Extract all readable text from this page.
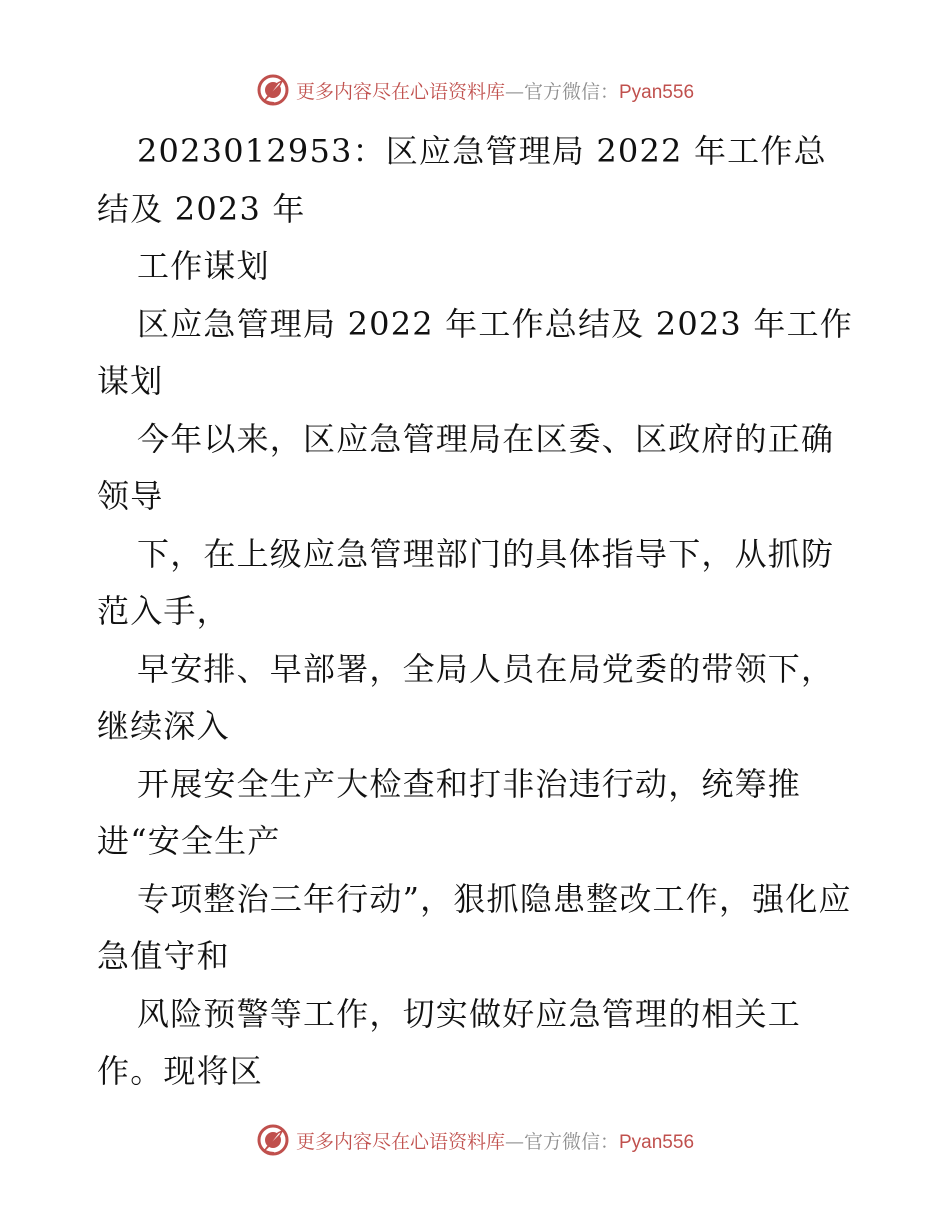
更多内容尽在心语资料库—官方微信：Pyan556

2023012953：区应急管理局 2022 年工作总结及 2023 年

工作谋划

区应急管理局 2022 年工作总结及 2023 年工作谋划

今年以来，区应急管理局在区委、区政府的正确领导

下，在上级应急管理部门的具体指导下，从抓防范入手，

早安排、早部署，全局人员在局党委的带领下，继续深入

开展安全生产大检查和打非治违行动，统筹推进“安全生产

专项整治三年行动”，狠抓隐患整改工作，强化应急值守和

风险预警等工作，切实做好应急管理的相关工作。现将区

更多内容尽在心语资料库—官方微信：Pyan556
